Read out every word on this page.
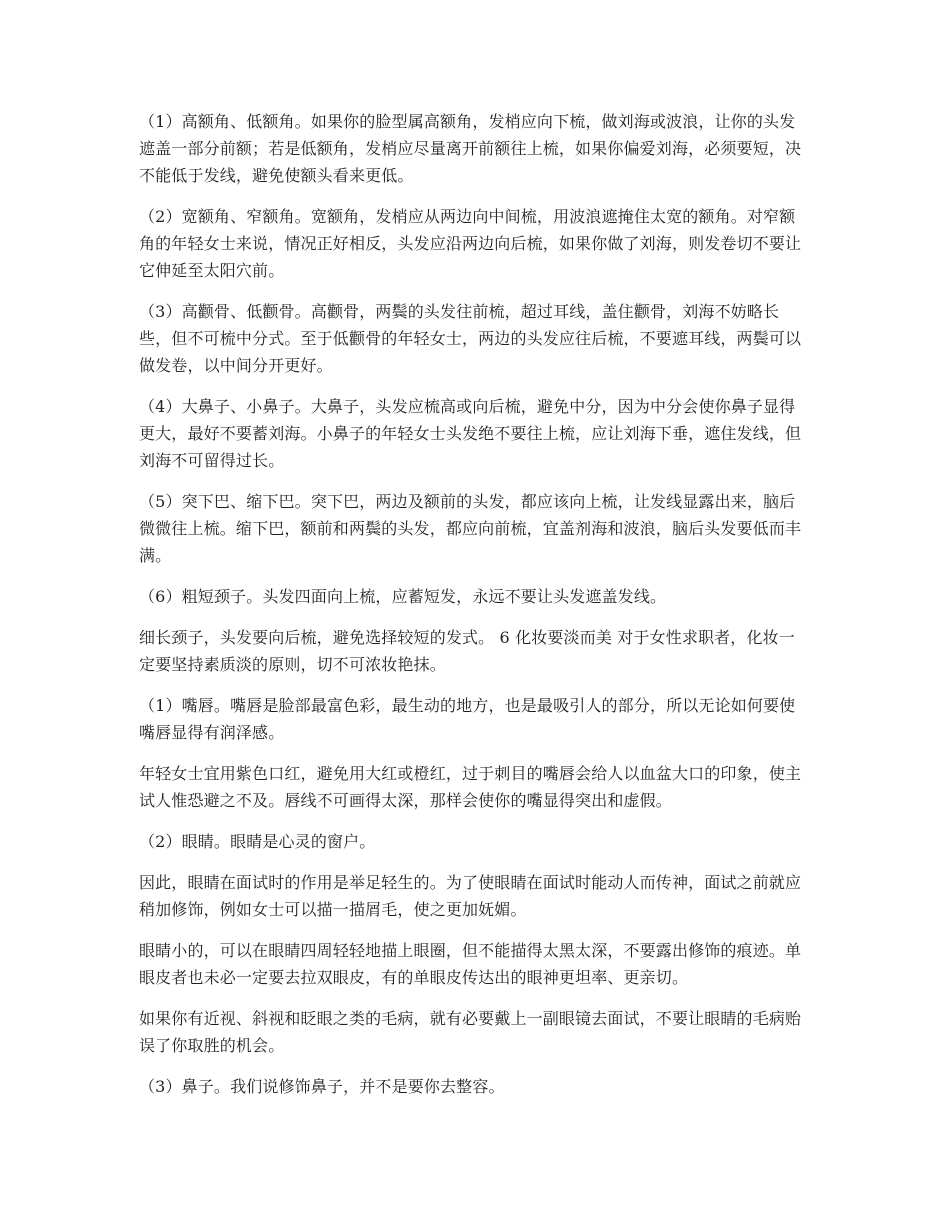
（1）高额角、低额角。如果你的脸型属高额角，发梢应向下梳，做刘海或波浪，让你的头发遮盖一部分前额；若是低额角，发梢应尽量离开前额往上梳，如果你偏爱刘海，必须要短，决不能低于发线，避免使额头看来更低。

（2）宽额角、窄额角。宽额角，发梢应从两边向中间梳，用波浪遮掩住太宽的额角。对窄额角的年轻女士来说，情况正好相反，头发应沿两边向后梳，如果你做了刘海，则发卷切不要让它伸延至太阳穴前。

（3）高颧骨、低颧骨。高颧骨，两鬓的头发往前梳，超过耳线，盖住颧骨，刘海不妨略长些，但不可梳中分式。至于低颧骨的年轻女士，两边的头发应往后梳，不要遮耳线，两鬓可以做发卷，以中间分开更好。

（4）大鼻子、小鼻子。大鼻子，头发应梳高或向后梳，避免中分，因为中分会使你鼻子显得更大，最好不要蓄刘海。小鼻子的年轻女士头发绝不要往上梳，应让刘海下垂，遮住发线，但刘海不可留得过长。

（5）突下巴、缩下巴。突下巴，两边及额前的头发，都应该向上梳，让发线显露出来，脑后微微往上梳。缩下巴，额前和两鬓的头发，都应向前梳，宜盖剂海和波浪，脑后头发要低而丰满。

（6）粗短颈子。头发四面向上梳，应蓄短发，永远不要让头发遮盖发线。

细长颈子，头发要向后梳，避免选择较短的发式。 6 化妆要淡而美 对于女性求职者，化妆一定要坚持素质淡的原则，切不可浓妆艳抹。

（1）嘴唇。嘴唇是脸部最富色彩，最生动的地方，也是最吸引人的部分，所以无论如何要使嘴唇显得有润泽感。

年轻女士宜用紫色口红，避免用大红或橙红，过于刺目的嘴唇会给人以血盆大口的印象，使主试人惟恐避之不及。唇线不可画得太深，那样会使你的嘴显得突出和虚假。

（2）眼睛。眼睛是心灵的窗户。

因此，眼睛在面试时的作用是举足轻生的。为了使眼睛在面试时能动人而传神，面试之前就应稍加修饰，例如女士可以描一描屑毛，使之更加妩媚。

眼睛小的，可以在眼睛四周轻轻地描上眼圈，但不能描得太黑太深，不要露出修饰的痕迹。单眼皮者也未必一定要去拉双眼皮，有的单眼皮传达出的眼神更坦率、更亲切。

如果你有近视、斜视和眨眼之类的毛病，就有必要戴上一副眼镜去面试，不要让眼睛的毛病贻误了你取胜的机会。

（3）鼻子。我们说修饰鼻子，并不是要你去整容。
